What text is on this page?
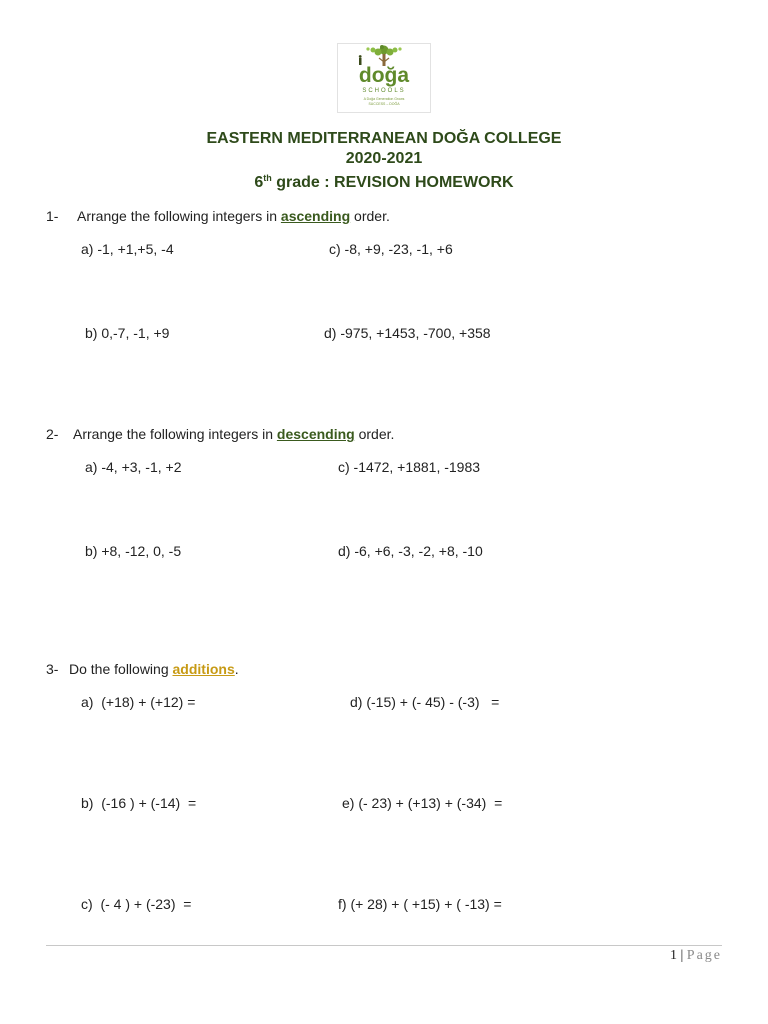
doğa
SCHOOLS
A Doğa Generation Grows
SUCCESS – DOĞA
EASTERN MEDITERRANEAN DOĞA COLLEGE
2020-2021
6th grade : REVISION HOMEWORK
1- Arrange the following integers in ascending order.
a) -1, +1,+5, -4	c) -8, +9, -23, -1, +6
b) 0,-7, -1, +9	d) -975, +1453, -700, +358
2- Arrange the following integers in descending order.
a) -4, +3, -1, +2	c) -1472, +1881, -1983
b) +8, -12, 0, -5	d) -6, +6, -3, -2, +8, -10
3- Do the following additions.
a)  (+18) + (+12) =	d) (-15) + (- 45) - (-3)   =
b)  (-16 ) + (-14)  =	e) (- 23) + (+13) + (-34)  =
c)  (- 4 ) + (-23)  =	f) (+ 28) + ( +15) + ( -13) =
1 | Page
